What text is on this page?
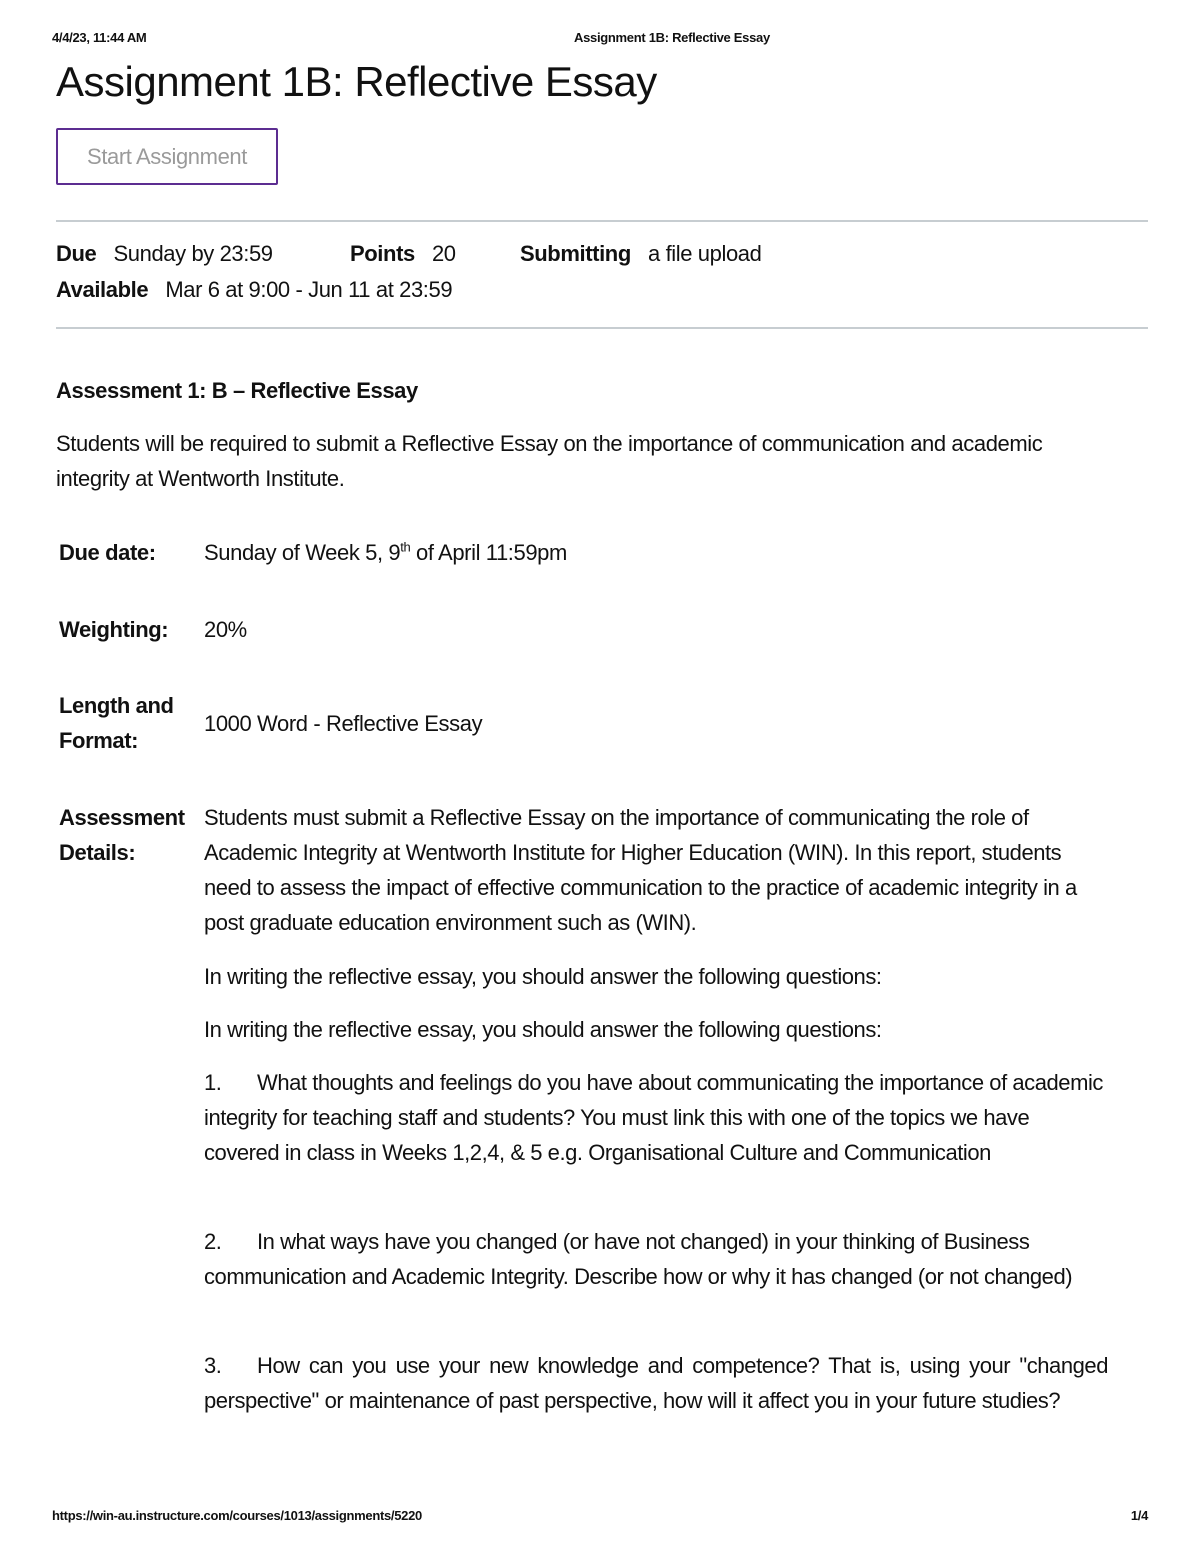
4/4/23, 11:44 AM	Assignment 1B: Reflective Essay
Assignment 1B: Reflective Essay
Start Assignment
Due Sunday by 23:59	Points 20	Submitting a file upload
Available Mar 6 at 9:00 - Jun 11 at 23:59
Assessment 1: B – Reflective Essay

Students will be required to submit a Reflective Essay on the importance of communication and academic integrity at Wentworth Institute.

Due date: Sunday of Week 5, 9th of April 11:59pm
Weighting: 20%
Length and
Format:
1000 Word - Reflective Essay
Assessment
Details:

Students must submit a Reflective Essay on the importance of communicating the role of Academic Integrity at Wentworth Institute for Higher Education (WIN). In this report, students need to assess the impact of effective communication to the practice of academic integrity in a post graduate education environment such as (WIN).

In writing the reflective essay, you should answer the following questions:

In writing the reflective essay, you should answer the following questions:

1. What thoughts and feelings do you have about communicating the importance of academic integrity for teaching staff and students? You must link this with one of the topics we have covered in class in Weeks 1,2,4, & 5 e.g. Organisational Culture and Communication

2. In what ways have you changed (or have not changed) in your thinking of Business communication and Academic Integrity. Describe how or why it has changed (or not changed)

3. How can you use your new knowledge and competence? That is, using your "changed perspective" or maintenance of past perspective, how will it affect you in your future studies?

https://win-au.instructure.com/courses/1013/assignments/5220	1/4
